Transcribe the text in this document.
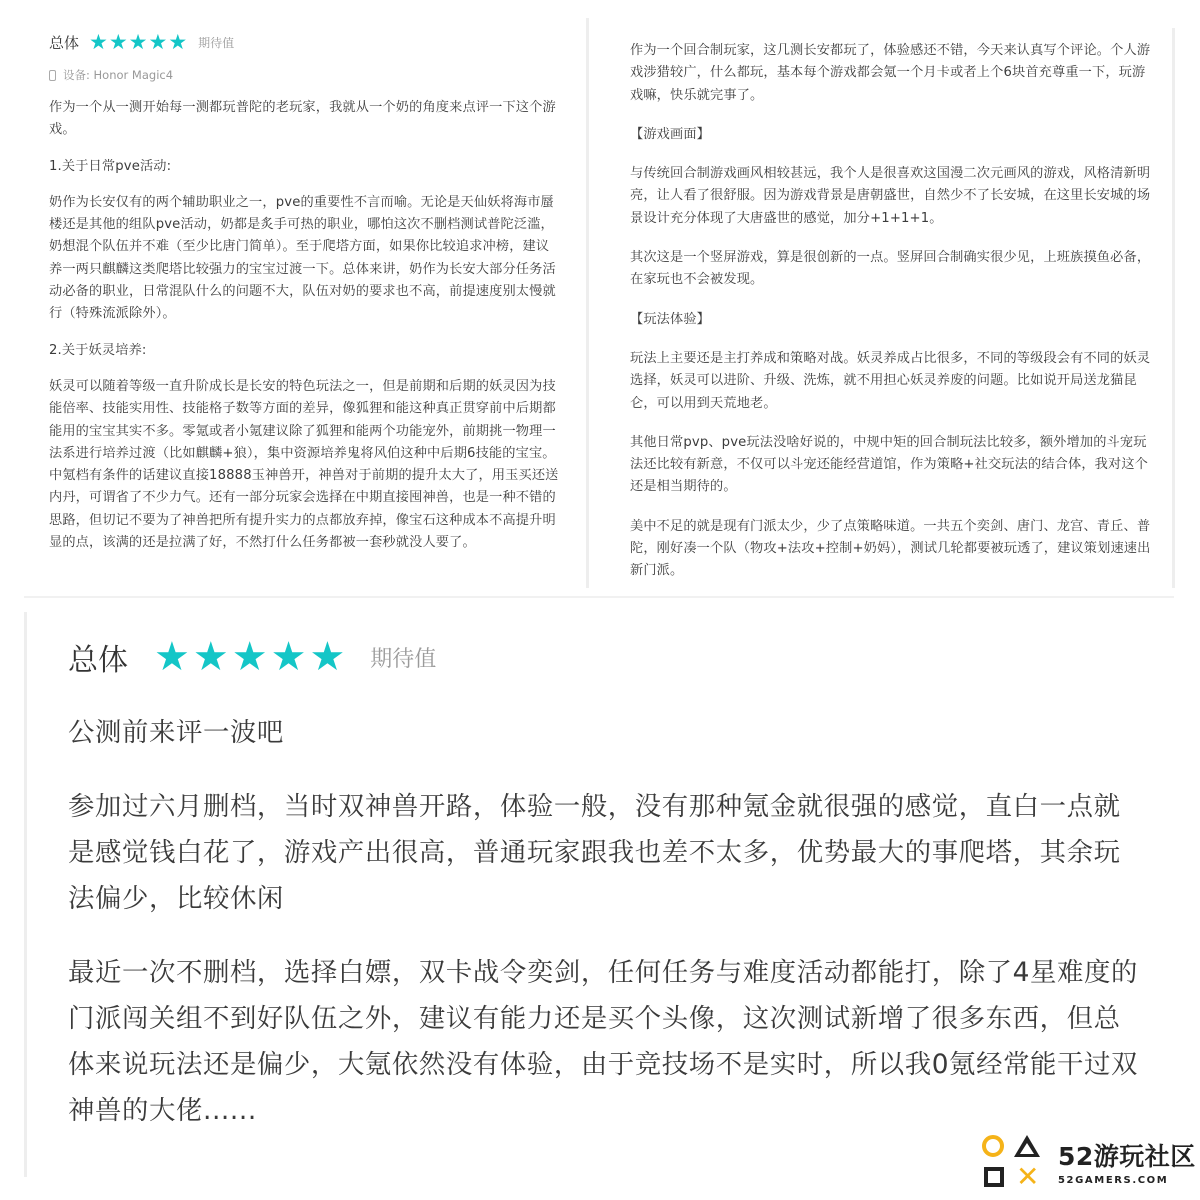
总体 ★ ★ ★ ★ ★ 期待值
设备: Honor Magic4

作为一个从一测开始每一测都玩普陀的老玩家，我就从一个奶的角度来点评一下这个游戏。

1.关于日常pve活动:

奶作为长安仅有的两个辅助职业之一，pve的重要性不言而喻。无论是天仙妖将海市蜃楼还是其他的组队pve活动，奶都是炙手可热的职业，哪怕这次不删档测试普陀泛滥，奶想混个队伍并不难（至少比唐门简单）。至于爬塔方面，如果你比较追求冲榜，建议养一两只麒麟这类爬塔比较强力的宝宝过渡一下。总体来讲，奶作为长安大部分任务活动必备的职业，日常混队什么的问题不大，队伍对奶的要求也不高，前提速度别太慢就行（特殊流派除外）。

2.关于妖灵培养:

妖灵可以随着等级一直升阶成长是长安的特色玩法之一，但是前期和后期的妖灵因为技能倍率、技能实用性、技能格子数等方面的差异，像狐狸和能这种真正贯穿前中后期都能用的宝宝其实不多。零氪或者小氪建议除了狐狸和能两个功能宠外，前期挑一物理一法系进行培养过渡（比如麒麟+狼），集中资源培养鬼将风伯这种中后期6技能的宝宝。中氪档有条件的话建议直接18888玉神兽开，神兽对于前期的提升太大了，用玉买还送内丹，可谓省了不少力气。还有一部分玩家会选择在中期直接囤神兽，也是一种不错的思路，但切记不要为了神兽把所有提升实力的点都放弃掉，像宝石这种成本不高提升明显的点，该满的还是拉满了好，不然打什么任务都被一套秒就没人要了。

作为一个回合制玩家，这几测长安都玩了，体验感还不错，今天来认真写个评论。个人游戏涉猎较广，什么都玩，基本每个游戏都会氪一个月卡或者上个6块首充尊重一下，玩游戏嘛，快乐就完事了。

【游戏画面】

与传统回合制游戏画风相较甚远，我个人是很喜欢这国漫二次元画风的游戏，风格清新明亮，让人看了很舒服。因为游戏背景是唐朝盛世，自然少不了长安城，在这里长安城的场景设计充分体现了大唐盛世的感觉，加分+1+1+1。

其次这是一个竖屏游戏，算是很创新的一点。竖屏回合制确实很少见，上班族摸鱼必备，在家玩也不会被发现。

【玩法体验】

玩法上主要还是主打养成和策略对战。妖灵养成占比很多，不同的等级段会有不同的妖灵选择，妖灵可以进阶、升级、洗炼，就不用担心妖灵养废的问题。比如说开局送龙猫昆仑，可以用到天荒地老。

其他日常pvp、pve玩法没啥好说的，中规中矩的回合制玩法比较多，额外增加的斗宠玩法还比较有新意，不仅可以斗宠还能经营道馆，作为策略+社交玩法的结合体，我对这个还是相当期待的。

美中不足的就是现有门派太少，少了点策略味道。一共五个奕剑、唐门、龙宫、青丘、普陀，刚好凑一个队（物攻+法攻+控制+奶妈），测试几轮都要被玩透了，建议策划速速出新门派。

总体 ★ ★ ★ ★ ★ 期待值

公测前来评一波吧

参加过六月删档，当时双神兽开路，体验一般，没有那种氪金就很强的感觉，直白一点就是感觉钱白花了，游戏产出很高，普通玩家跟我也差不太多，优势最大的事爬塔，其余玩法偏少，比较休闲

最近一次不删档，选择白嫖，双卡战令奕剑，任何任务与难度活动都能打，除了4星难度的门派闯关组不到好队伍之外，建议有能力还是买个头像，这次测试新增了很多东西，但总体来说玩法还是偏少，大氪依然没有体验，由于竞技场不是实时，所以我0氪经常能干过双神兽的大佬......

✕
52游玩社区
52GAMERS.COM
